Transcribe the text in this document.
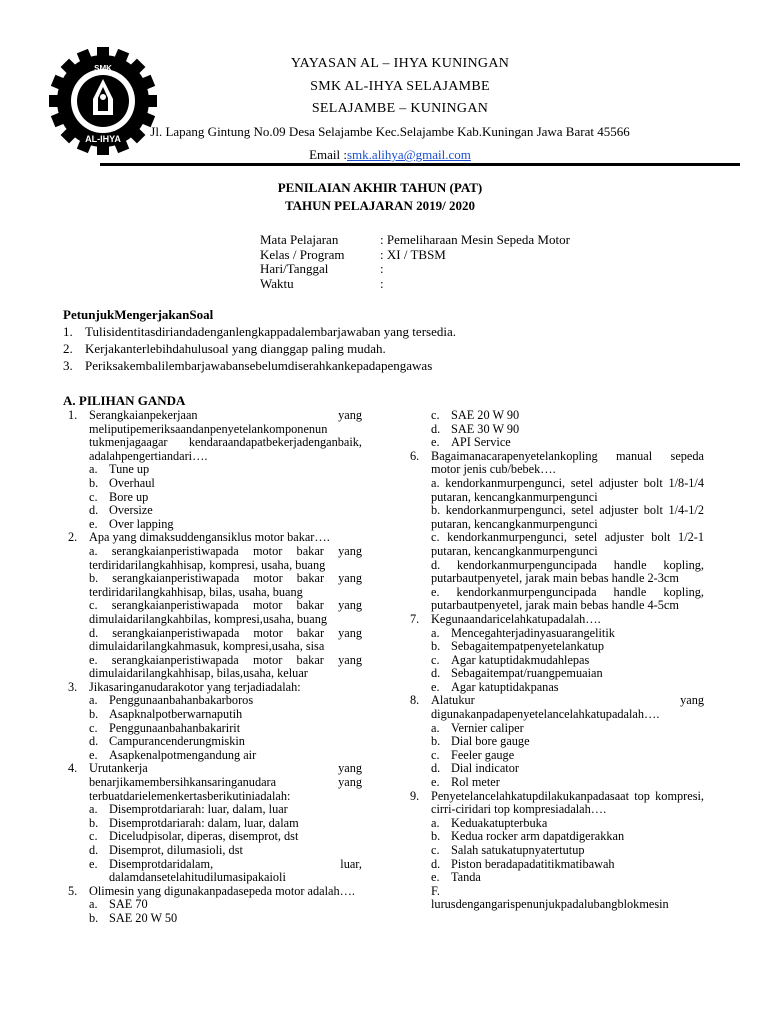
SMK
AL-IHYA
YAYASAN AL – IHYA KUNINGAN
SMK AL-IHYA SELAJAMBE
SELAJAMBE – KUNINGAN
Jl. Lapang Gintung No.09 Desa Selajambe Kec.Selajambe Kab.Kuningan Jawa Barat 45566
Email :smk.alihya@gmail.com
PENILAIAN AKHIR TAHUN (PAT)
TAHUN PELAJARAN 2019/ 2020
Mata Pelajaran	: Pemeliharaan Mesin Sepeda Motor
Kelas / Program	: XI / TBSM
Hari/Tanggal	:
Waktu	:
PetunjukMengerjakanSoal
1. Tulisidentitasdiriandadenganlengkappadalembarjawaban yang tersedia.
2. Kerjakanterlebihdahulusoal yang dianggap paling mudah.
3. Periksakembalilembarjawabansebelumdiserahkankepadapengawas
A. PILIHAN GANDA
1. Serangkaianpekerjaan yang meliputipemeriksaandanpenyetelankomponenun tukmenjagaagar kendaraandapatbekerjadenganbaik, adalahpengertiandari….
a. Tune up
b. Overhaul
c. Bore up
d. Oversize
e. Over lapping
2. Apa yang dimaksuddengansiklus motor bakar….
a. serangkaianperistiwapada motor bakar yang terdiridarilangkahhisap, kompresi, usaha, buang
b. serangkaianperistiwapada motor bakar yang terdiridarilangkahhisap, bilas, usaha, buang
c. serangkaianperistiwapada motor bakar yang dimulaidarilangkahbilas, kompresi,usaha, buang
d. serangkaianperistiwapada motor bakar yang dimulaidarilangkahmasuk, kompresi,usaha, sisa
e. serangkaianperistiwapada motor bakar yang dimulaidarilangkahhisap, bilas,usaha, keluar
3. Jikasaringanudarakotor yang terjadiadalah:
a. Penggunaanbahanbakarboros
b. Asapknalpotberwarnaputih
c. Penggunaanbahanbakaririt
d. Campurancenderungmiskin
e. Asapkenalpotmengandung air
4. Urutankerja yang benarjikamembersihkansaringanudara yang terbuatdarielemenkertasberikutiniadalah:
a. Disemprotdariarah: luar, dalam, luar
b. Disemprotdariarah: dalam, luar, dalam
c. Diceludpisolar, diperas, disemprot, dst
d. Disemprot, dilumasioli, dst
e. Disemprotdaridalam, luar, dalamdansetelahitudilumasipakaioli
5. Olimesin yang digunakanpadasepeda motor adalah….
a. SAE 70
b. SAE 20 W 50
c. SAE 20 W 90
d. SAE 30 W 90
e. API Service
6. Bagaimanacarapenyetelankopling manual sepeda motor jenis cub/bebek….
a. kendorkanmurpengunci, setel adjuster bolt 1/8-1/4 putaran, kencangkanmurpengunci
b. kendorkanmurpengunci, setel adjuster bolt 1/4-1/2 putaran, kencangkanmurpengunci
c. kendorkanmurpengunci, setel adjuster bolt 1/2-1 putaran, kencangkanmurpengunci
d. kendorkanmurpenguncipada handle kopling, putarbautpenyetel, jarak main bebas handle 2-3cm
e. kendorkanmurpenguncipada handle kopling, putarbautpenyetel, jarak main bebas handle 4-5cm
7. Kegunaandaricelahkatupadalah….
a. Mencegahterjadinyasuarangelitik
b. Sebagaitempatpenyetelankatup
c. Agar katuptidakmudahlepas
d. Sebagaitempat/ruangpemuaian
e. Agar katuptidakpanas
8. Alatukur yang digunakanpadapenyetelancelahkatupadalah….
a. Vernier caliper
b. Dial bore gauge
c. Feeler gauge
d. Dial indicator
e. Rol meter
9. Penyetelancelahkatupdilakukanpadasaat top kompresi, cirri-ciridari top kompresiadalah….
a. Keduakatupterbuka
b. Kedua rocker arm dapatdigerakkan
c. Salah satukatupnyatertutup
d. Piston beradapadatitikmatibawah
e. Tanda
F.
lurusdengangarispenunjukpadalubangblokmesin
